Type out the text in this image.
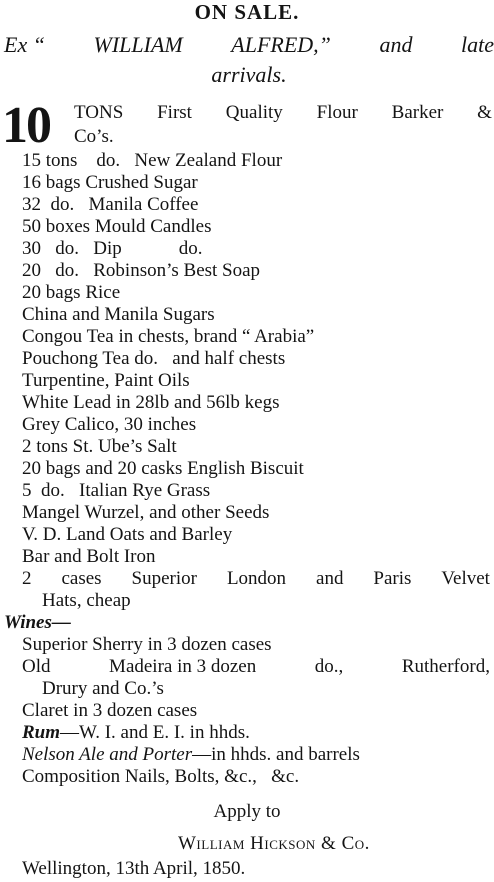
ON SALE.
Ex “ WILLIAM ALFRED,” and late
arrivals.
10 TONS First Quality Flour Barker &
Co’s.
15 tons    do.   New Zealand Flour
16 bags Crushed Sugar
32  do.   Manila Coffee
50 boxes Mould Candles
30   do.   Dip            do.
20   do.   Robinson’s Best Soap
20 bags Rice
China and Manila Sugars
Congou Tea in chests, brand “ Arabia”
Pouchong Tea do.   and half chests
Turpentine, Paint Oils
White Lead in 28lb and 56lb kegs
Grey Calico, 30 inches
2 tons St. Ube’s Salt
20 bags and 20 casks English Biscuit
5  do.   Italian Rye Grass
Mangel Wurzel, and other Seeds
V. D. Land Oats and Barley
Bar and Bolt Iron
2 cases Superior London and Paris Velvet
Hats, cheap
Wines—
Superior Sherry in 3 dozen cases
Old	Madeira in 3 dozen	do.,	Rutherford,
Drury and Co.’s
Claret in 3 dozen cases
Rum—W. I. and E. I. in hhds.
Nelson Ale and Porter—in hhds. and barrels
Composition Nails, Bolts, &c.,   &c.
Apply to
William Hickson & Co.
Wellington, 13th April, 1850.
